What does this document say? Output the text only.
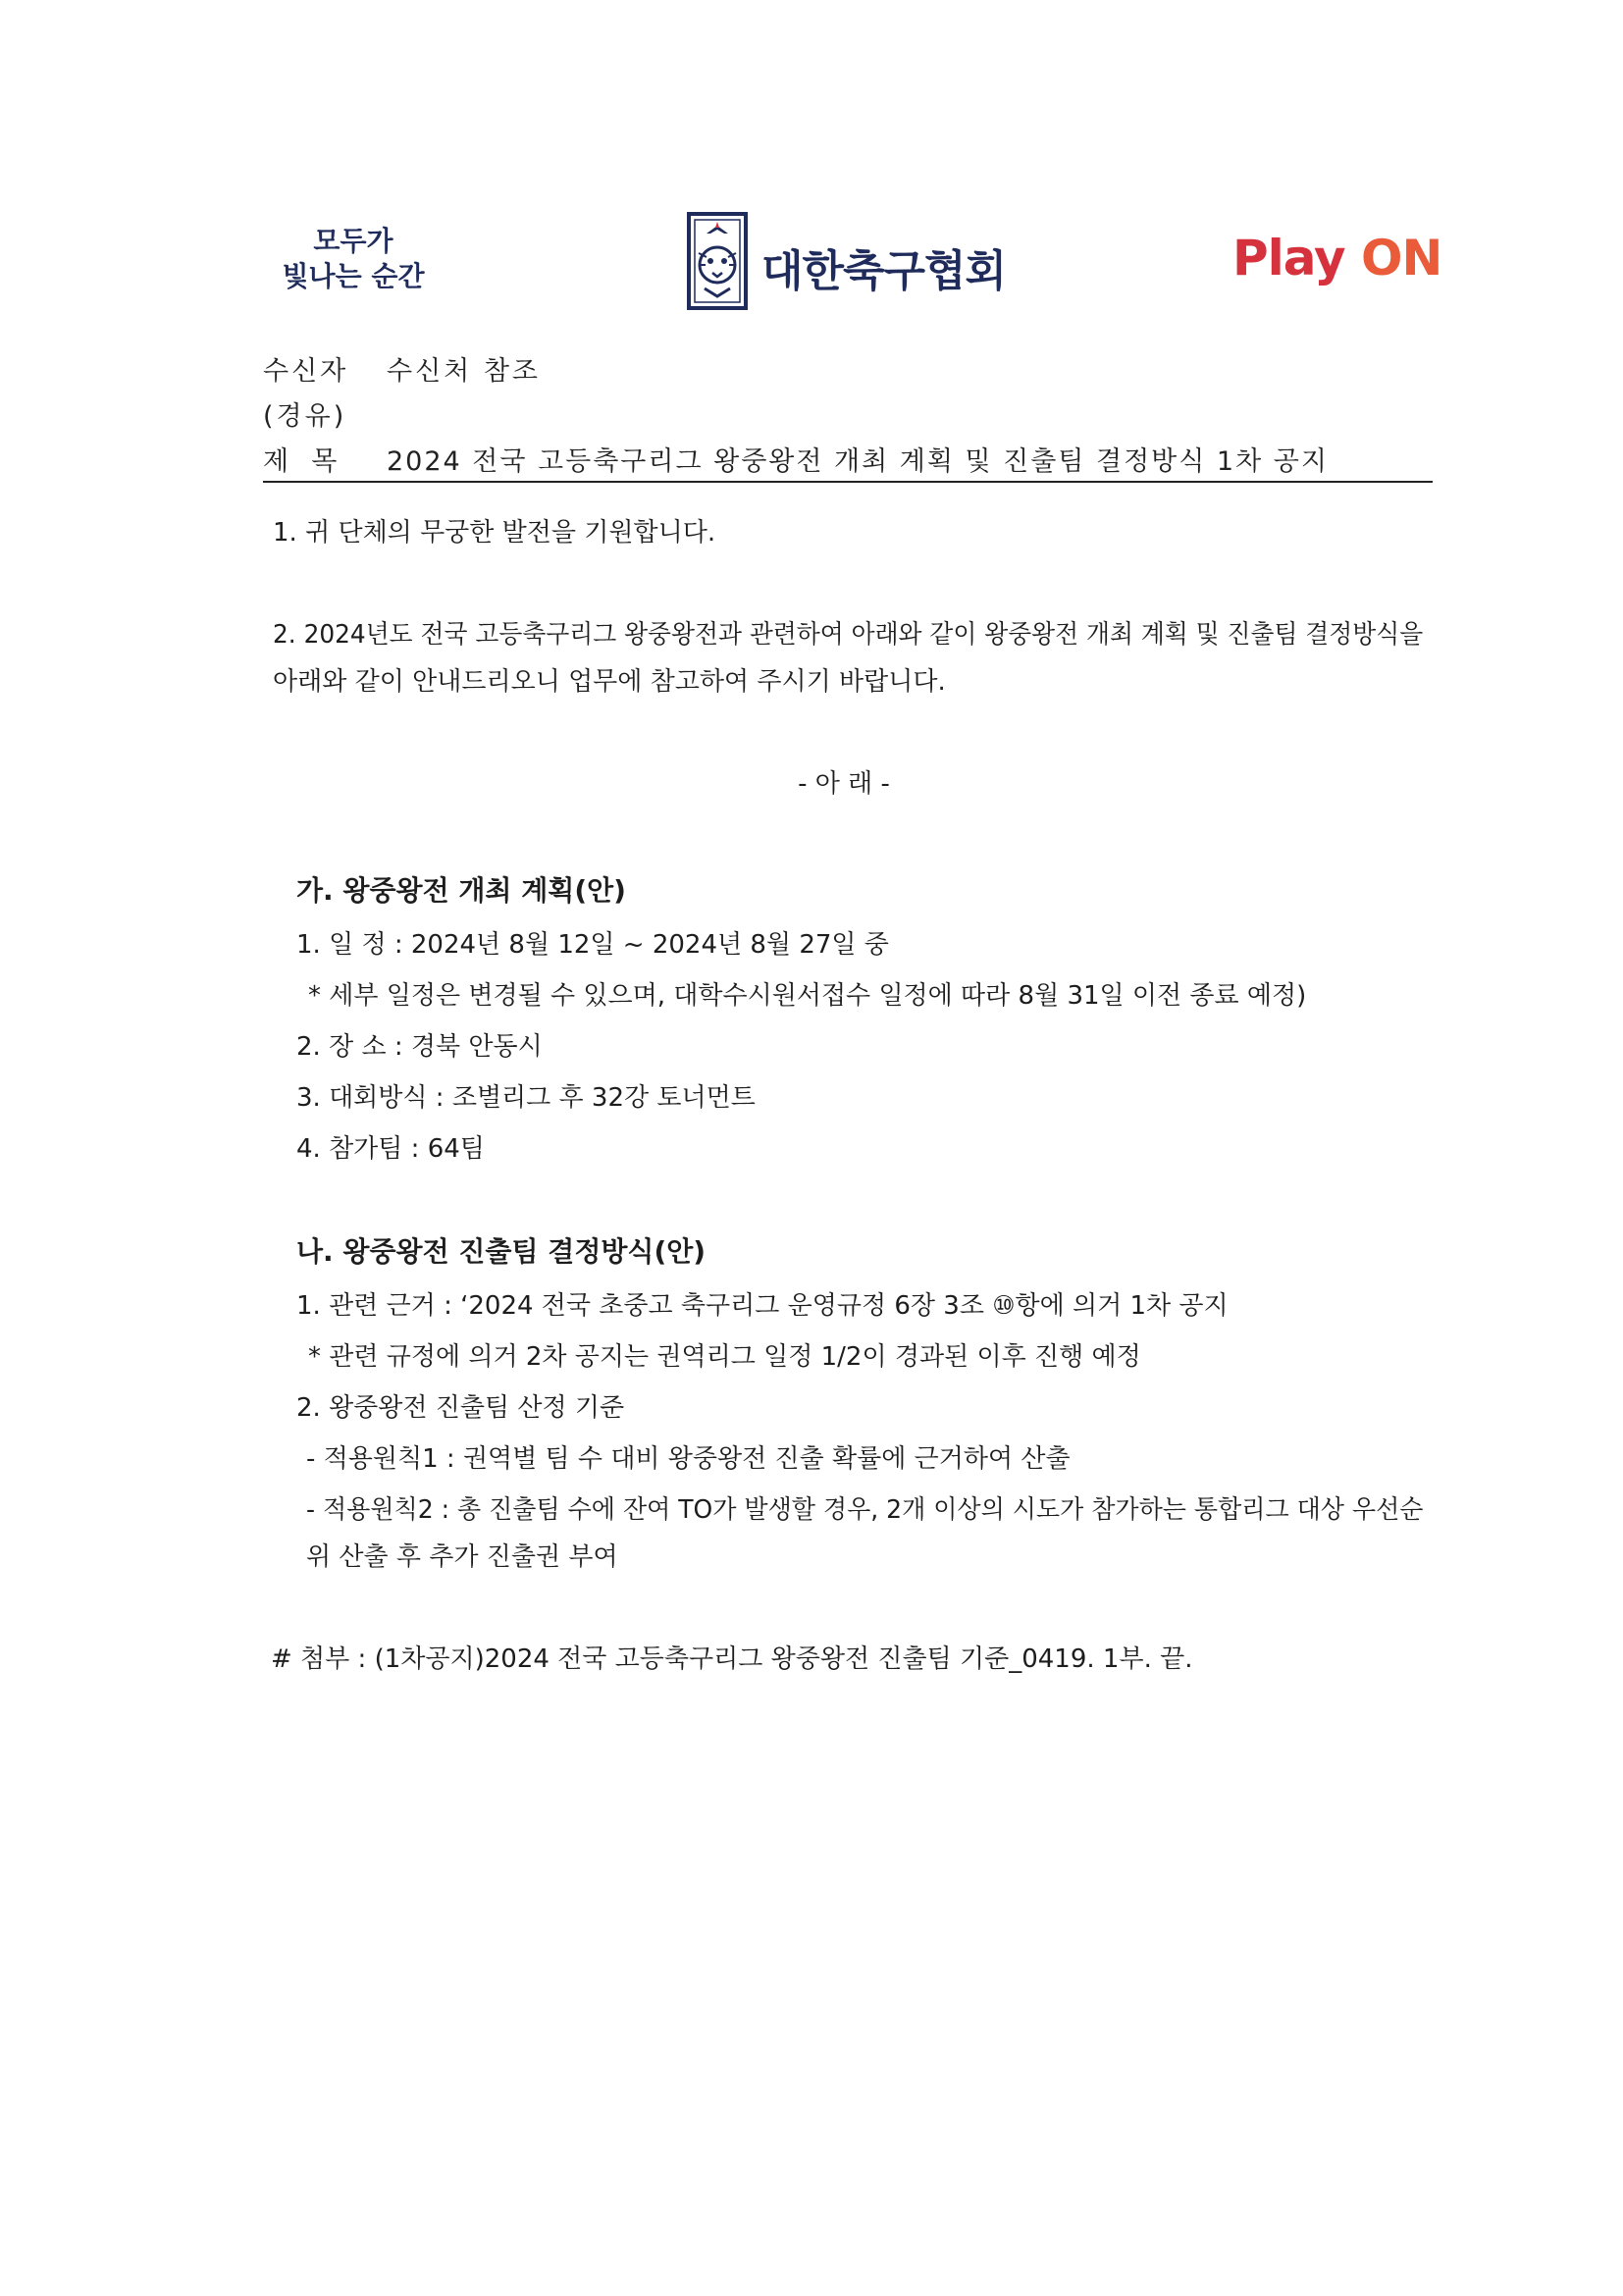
모두가
빛나는 순간	대한축구협회	Play ON
수신자 수신처 참조
(경유)
제  목 2024 전국 고등축구리그 왕중왕전 개최 계획 및 진출팀 결정방식 1차 공지
1. 귀 단체의 무궁한 발전을 기원합니다.
2. 2024년도 전국 고등축구리그 왕중왕전과 관련하여 아래와 같이 왕중왕전 개최 계획 및 진출팀 결정방식을
아래와 같이 안내드리오니 업무에 참고하여 주시기 바랍니다.
- 아 래 -
가. 왕중왕전 개최 계획(안)
1. 일 정 : 2024년 8월 12일 ~ 2024년 8월 27일 중
* 세부 일정은 변경될 수 있으며, 대학수시원서접수 일정에 따라 8월 31일 이전 종료 예정)
2. 장 소 : 경북 안동시
3. 대회방식 : 조별리그 후 32강 토너먼트
4. 참가팀 : 64팀
나. 왕중왕전 진출팀 결정방식(안)
1. 관련 근거 : ‘2024 전국 초중고 축구리그 운영규정 6장 3조 ⑩항에 의거 1차 공지
* 관련 규정에 의거 2차 공지는 권역리그 일정 1/2이 경과된 이후 진행 예정
2. 왕중왕전 진출팀 산정 기준
- 적용원칙1 : 권역별 팀 수 대비 왕중왕전 진출 확률에 근거하여 산출
- 적용원칙2 : 총 진출팀 수에 잔여 TO가 발생할 경우, 2개 이상의 시도가 참가하는 통합리그 대상 우선순
위 산출 후 추가 진출권 부여
# 첨부 : (1차공지)2024 전국 고등축구리그 왕중왕전 진출팀 기준_0419. 1부. 끝.
